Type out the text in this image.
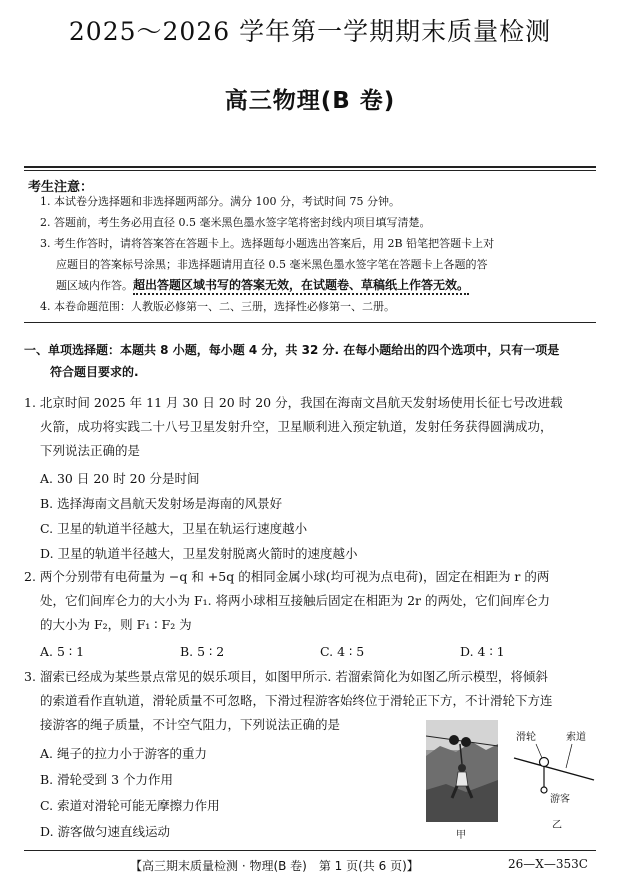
2025～2026 学年第一学期期末质量检测
高三物理(B 卷)
考生注意：
1. 本试卷分选择题和非选择题两部分。满分 100 分，考试时间 75 分钟。
2. 答题前，考生务必用直径 0.5 毫米黑色墨水签字笔将密封线内项目填写清楚。
3. 考生作答时，请将答案答在答题卡上。选择题每小题选出答案后，用 2B 铅笔把答题卡上对
应题目的答案标号涂黑；非选择题请用直径 0.5 毫米黑色墨水签字笔在答题卡上各题的答
题区域内作答。超出答题区域书写的答案无效，在试题卷、草稿纸上作答无效。
4. 本卷命题范围：人教版必修第一、二、三册，选择性必修第一、二册。
一、单项选择题：本题共 8 小题，每小题 4 分，共 32 分. 在每小题给出的四个选项中，只有一项是
符合题目要求的.
1. 北京时间 2025 年 11 月 30 日 20 时 20 分，我国在海南文昌航天发射场使用长征七号改进载
火箭，成功将实践二十八号卫星发射升空，卫星顺利进入预定轨道，发射任务获得圆满成功，
下列说法正确的是
A. 30 日 20 时 20 分是时间
B. 选择海南文昌航天发射场是海南的风景好
C. 卫星的轨道半径越大，卫星在轨运行速度越小
D. 卫星的轨道半径越大，卫星发射脱离火箭时的速度越小
2. 两个分别带有电荷量为 −q 和 +5q 的相同金属小球(均可视为点电荷)，固定在相距为 r 的两
处，它们间库仑力的大小为 F₁. 将两小球相互接触后固定在相距为 2r 的两处，它们间库仑力
的大小为 F₂，则 F₁ ∶ F₂ 为
A. 5 ∶ 1	B. 5 ∶ 2	C. 4 ∶ 5	D. 4 ∶ 1
3. 溜索已经成为某些景点常见的娱乐项目，如图甲所示. 若溜索简化为如图乙所示模型，将倾斜
的索道看作直轨道，滑轮质量不可忽略，下滑过程游客始终位于滑轮正下方，不计滑轮下方连
接游客的绳子质量，不计空气阻力，下列说法正确的是
A. 绳子的拉力小于游客的重力
B. 滑轮受到 3 个力作用
C. 索道对滑轮可能无摩擦力作用
D. 游客做匀速直线运动	甲
滑轮	索道
游客
乙
【高三期末质量检测 · 物理(B 卷)　第 1 页(共 6 页)】	26—X—353C
